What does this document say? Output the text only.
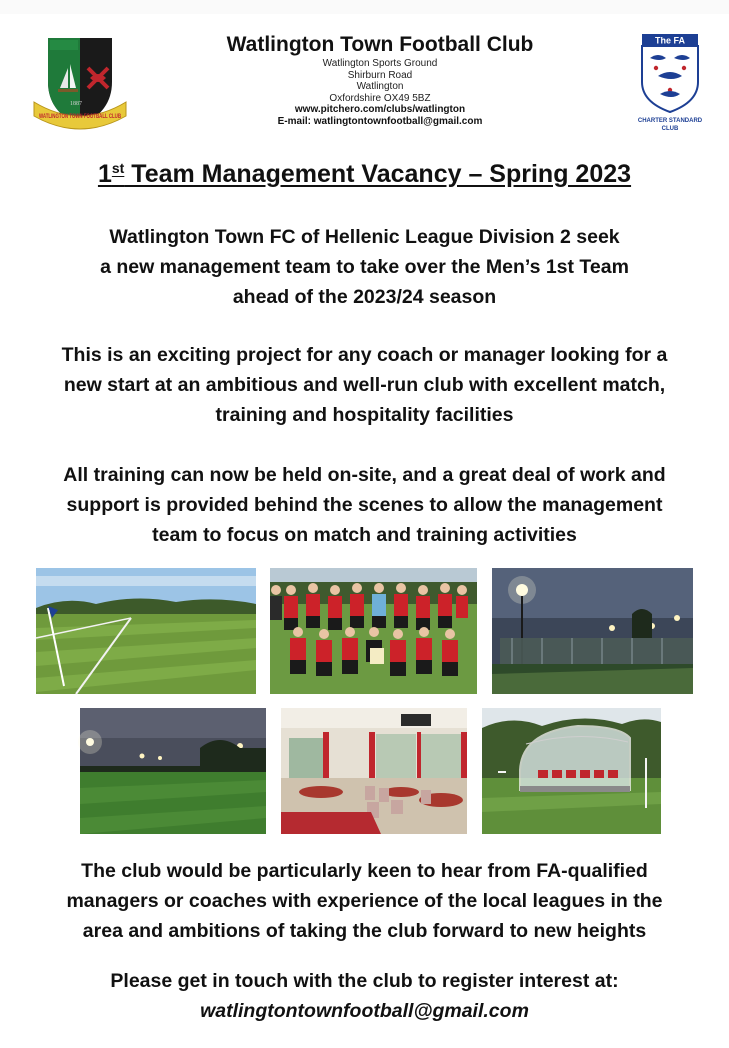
1887
WATLINGTON TOWN FOOTBALL CLUB
Watlington Town Football Club
Watlington Sports Ground
Shirburn Road
Watlington
Oxfordshire OX49 5BZ
www.pitchero.com/clubs/watlington
E-mail: watlingtontownfootball@gmail.com
The FA
CHARTER STANDARD
CLUB
1st Team Management Vacancy – Spring 2023
Watlington Town FC of Hellenic League Division 2 seek
a new management team to take over the Men’s 1st Team
ahead of the 2023/24 season
This is an exciting project for any coach or manager looking for a
new start at an ambitious and well-run club with excellent match,
training and hospitality facilities
All training can now be held on-site, and a great deal of work and
support is provided behind the scenes to allow the management
team to focus on match and training activities
The club would be particularly keen to hear from FA-qualified
managers or coaches with experience of the local leagues in the
area and ambitions of taking the club forward to new heights
Please get in touch with the club to register interest at:
watlingtontownfootball@gmail.com
